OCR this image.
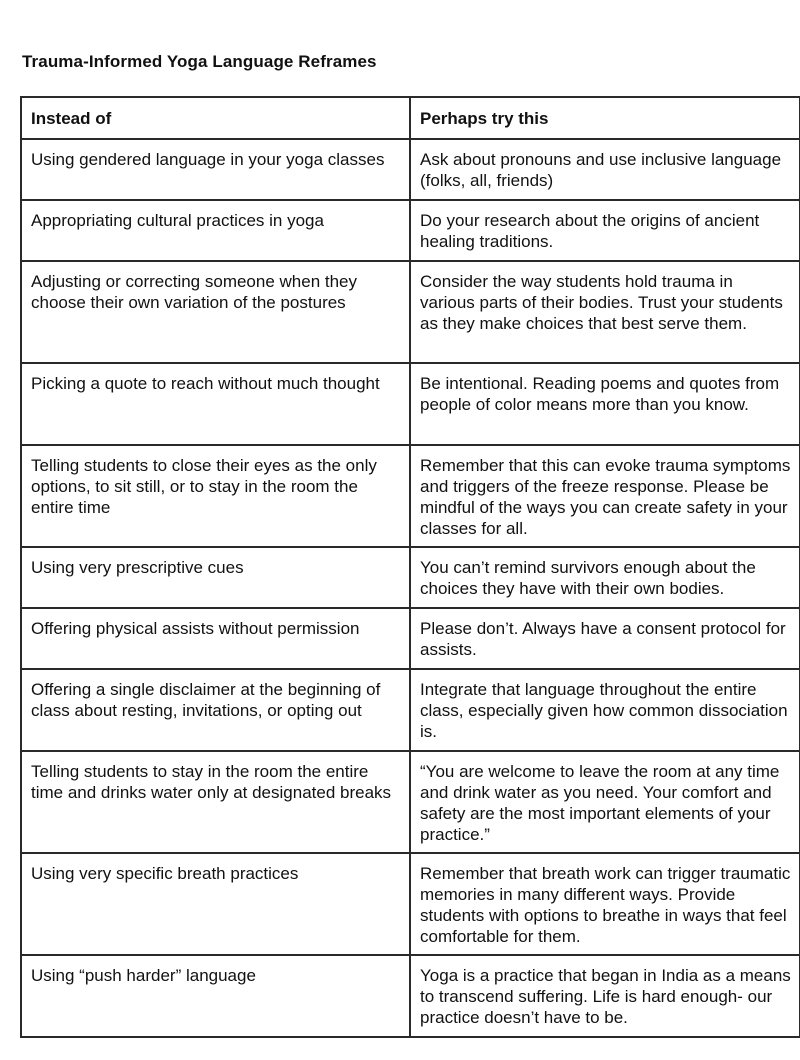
Trauma-Informed Yoga Language Reframes
Instead of	Perhaps try this
Using gendered language in your yoga classes	Ask about pronouns and use inclusive language (folks, all, friends)
Appropriating cultural practices in yoga	Do your research about the origins of ancient healing traditions.
Adjusting or correcting someone when they choose their own variation of the postures	Consider the way students hold trauma in various parts of their bodies. Trust your students as they make choices that best serve them.
Picking a quote to reach without much thought	Be intentional. Reading poems and quotes from people of color means more than you know.
Telling students to close their eyes as the only options, to sit still, or to stay in the room the entire time	Remember that this can evoke trauma symptoms and triggers of the freeze response. Please be mindful of the ways you can create safety in your classes for all.
Using very prescriptive cues	You can’t remind survivors enough about the choices they have with their own bodies.
Offering physical assists without permission	Please don’t. Always have a consent protocol for assists.
Offering a single disclaimer at the beginning of class about resting, invitations, or opting out	Integrate that language throughout the entire class, especially given how common dissociation is.
Telling students to stay in the room the entire time and drinks water only at designated breaks	“You are welcome to leave the room at any time and drink water as you need. Your comfort and safety are the most important elements of your practice.”
Using very specific breath practices	Remember that breath work can trigger traumatic memories in many different ways. Provide students with options to breathe in ways that feel comfortable for them.
Using “push harder” language	Yoga is a practice that began in India as a means to transcend suffering. Life is hard enough- our practice doesn’t have to be.
